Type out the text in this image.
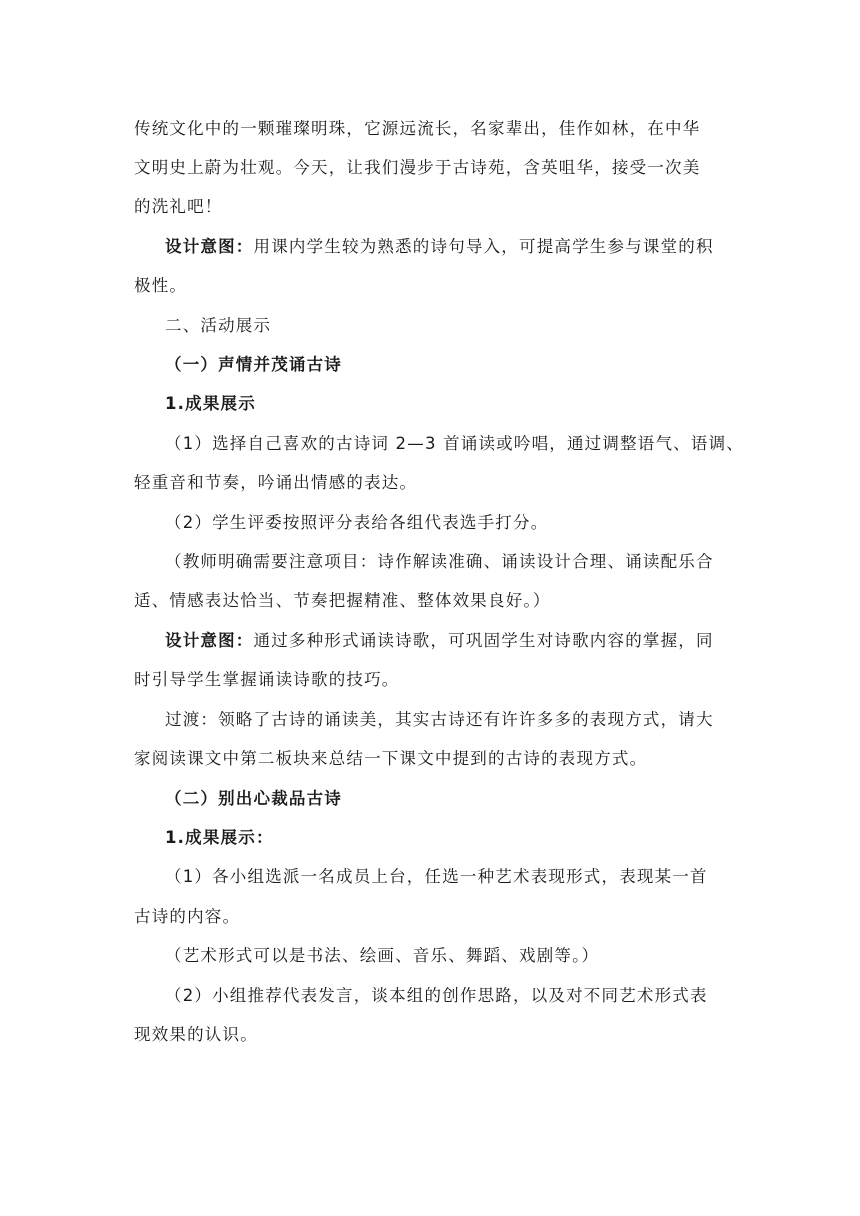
传统文化中的一颗璀璨明珠，它源远流长，名家辈出，佳作如林，在中华
文明史上蔚为壮观。今天，让我们漫步于古诗苑，含英咀华，接受一次美
的洗礼吧！
设计意图：用课内学生较为熟悉的诗句导入，可提高学生参与课堂的积
极性。
二、活动展示
（一）声情并茂诵古诗
1.成果展示
（1）选择自己喜欢的古诗词 2—3 首诵读或吟唱，通过调整语气、语调、
轻重音和节奏，吟诵出情感的表达。
（2）学生评委按照评分表给各组代表选手打分。
（教师明确需要注意项目：诗作解读准确、诵读设计合理、诵读配乐合
适、情感表达恰当、节奏把握精准、整体效果良好。）
设计意图：通过多种形式诵读诗歌，可巩固学生对诗歌内容的掌握，同
时引导学生掌握诵读诗歌的技巧。
过渡：领略了古诗的诵读美，其实古诗还有许许多多的表现方式，请大
家阅读课文中第二板块来总结一下课文中提到的古诗的表现方式。
（二）别出心裁品古诗
1.成果展示：
（1）各小组选派一名成员上台，任选一种艺术表现形式，表现某一首
古诗的内容。
（艺术形式可以是书法、绘画、音乐、舞蹈、戏剧等。）
（2）小组推荐代表发言，谈本组的创作思路，以及对不同艺术形式表
现效果的认识。
